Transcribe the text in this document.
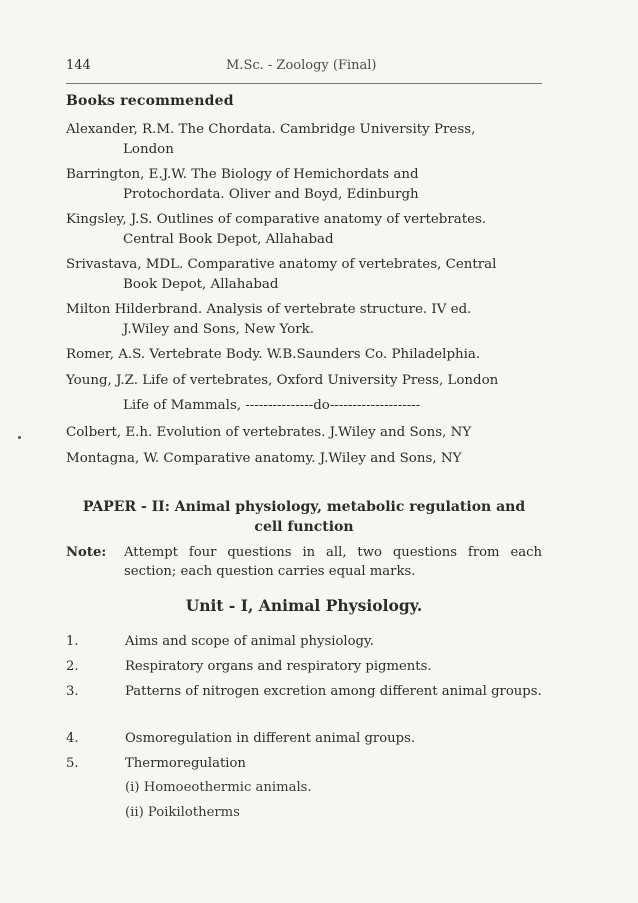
144	M.Sc. - Zoology (Final)
Books recommended
Alexander, R.M. The Chordata. Cambridge University Press,
London
Barrington, E.J.W. The Biology of Hemichordats and
Protochordata. Oliver and Boyd, Edinburgh
Kingsley, J.S. Outlines of comparative anatomy of vertebrates.
Central Book Depot, Allahabad
Srivastava, MDL. Comparative anatomy of vertebrates, Central
Book Depot, Allahabad
Milton Hilderbrand. Analysis of vertebrate structure. IV ed.
J.Wiley and Sons, New York.
Romer, A.S. Vertebrate Body. W.B.Saunders Co. Philadelphia.
Young, J.Z. Life of vertebrates, Oxford University Press, London
Life of Mammals, ---------------do--------------------
Colbert, E.h. Evolution of vertebrates. J.Wiley and Sons, NY
Montagna, W. Comparative anatomy. J.Wiley and Sons, NY
PAPER - II: Animal physiology, metabolic regulation and
cell function
Note: Attempt four questions in all, two questions from each section; each question carries equal marks.
Unit - I, Animal Physiology.
1.	Aims and scope of animal physiology.
2.	Respiratory organs and respiratory pigments.
3.	Patterns of nitrogen excretion among different animal groups.
4.	Osmoregulation in different animal groups.
5.	Thermoregulation
(i) Homoeothermic animals.
(ii) Poikilotherms
